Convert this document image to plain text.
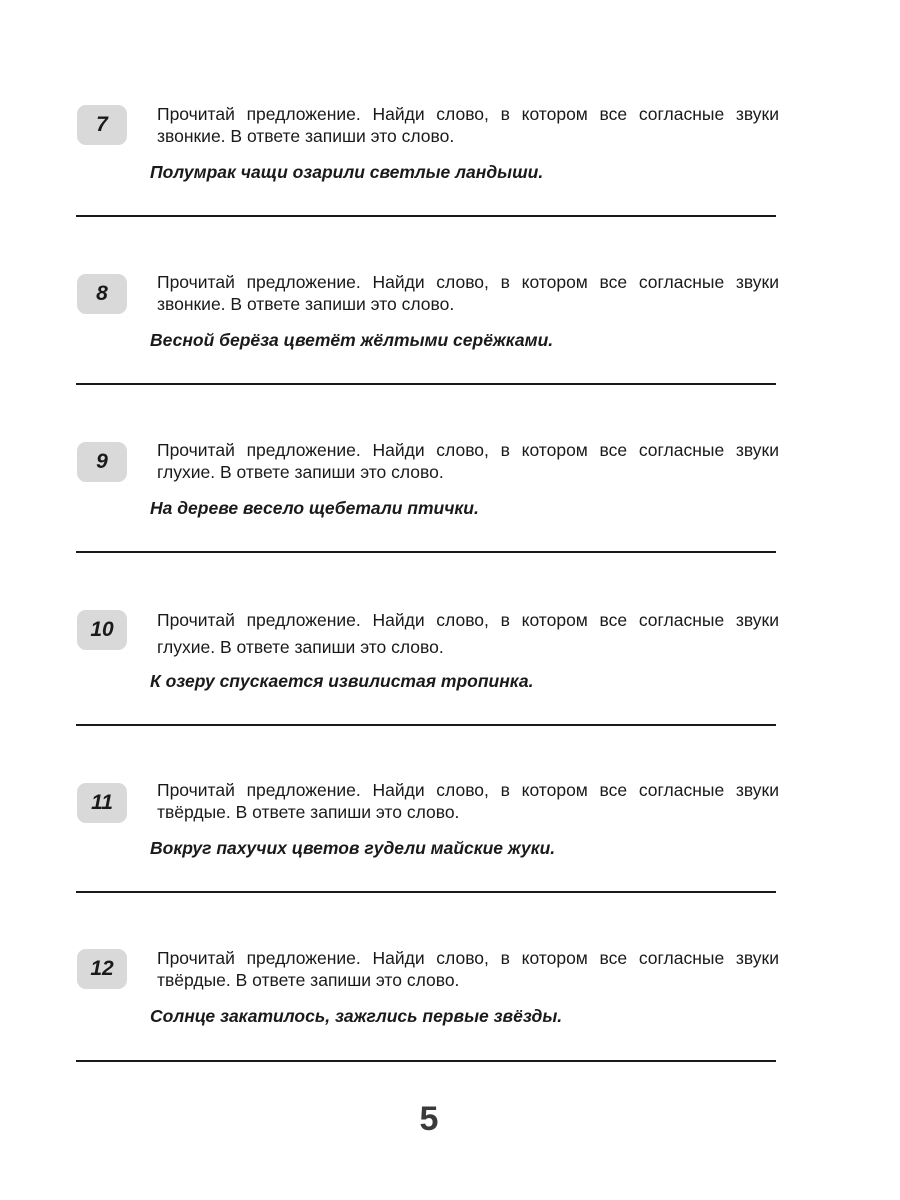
7	Прочитай предложение. Найди слово, в котором все согласные звуки звонкие. В ответе запиши это слово.
Полумрак чащи озарили светлые ландыши.
8	Прочитай предложение. Найди слово, в котором все согласные звуки звонкие. В ответе запиши это слово.
Весной берёза цветёт жёлтыми серёжками.
9	Прочитай предложение. Найди слово, в котором все согласные звуки глухие. В ответе запиши это слово.
На дереве весело щебетали птички.
10	Прочитай предложение. Найди слово, в котором все согласные звуки глухие. В ответе запиши это слово.
К озеру спускается извилистая тропинка.
11
Прочитай предложение. Найди слово, в котором все согласные звуки твёрдые. В ответе запиши это слово.
Вокруг пахучих цветов гудели майские жуки.
12	Прочитай предложение. Найди слово, в котором все согласные звуки твёрдые. В ответе запиши это слово.
Солнце закатилось, зажглись первые звёзды.
5
